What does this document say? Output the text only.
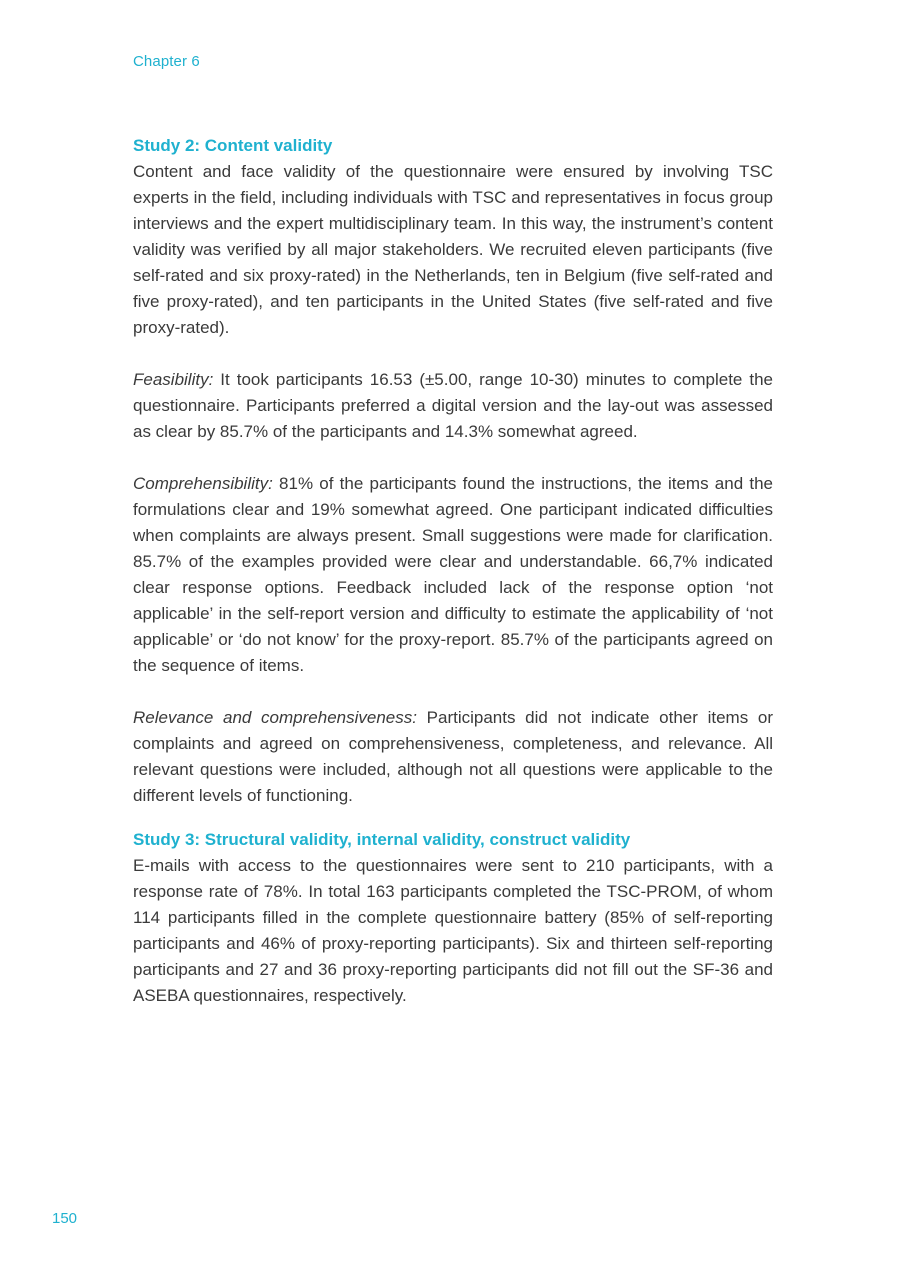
Chapter 6
Study 2: Content validity

Content and face validity of the questionnaire were ensured by involving TSC experts in the field, including individuals with TSC and representatives in focus group interviews and the expert multidisciplinary team. In this way, the instrument’s content validity was verified by all major stakeholders. We recruited eleven participants (five self-rated and six proxy-rated) in the Netherlands, ten in Belgium (five self-rated and five proxy-rated), and ten participants in the United States (five self-rated and five proxy-rated).

Feasibility: It took participants 16.53 (±5.00, range 10-30) minutes to complete the questionnaire. Participants preferred a digital version and the lay-out was assessed as clear by 85.7% of the participants and 14.3% somewhat agreed.

Comprehensibility: 81% of the participants found the instructions, the items and the formulations clear and 19% somewhat agreed. One participant indicated difficulties when complaints are always present. Small suggestions were made for clarification. 85.7% of the examples provided were clear and understandable. 66,7% indicated clear response options. Feedback included lack of the response option ‘not applicable’ in the self-report version and difficulty to estimate the applicability of ‘not applicable’ or ‘do not know’ for the proxy-report. 85.7% of the participants agreed on the sequence of items.

Relevance and comprehensiveness: Participants did not indicate other items or complaints and agreed on comprehensiveness, completeness, and relevance. All relevant questions were included, although not all questions were applicable to the different levels of functioning.

Study 3: Structural validity, internal validity, construct validity

E-mails with access to the questionnaires were sent to 210 participants, with a response rate of 78%. In total 163 participants completed the TSC-PROM, of whom 114 participants filled in the complete questionnaire battery (85% of self-reporting participants and 46% of proxy-reporting participants). Six and thirteen self-reporting participants and 27 and 36 proxy-reporting participants did not fill out the SF-36 and ASEBA questionnaires, respectively.

150
